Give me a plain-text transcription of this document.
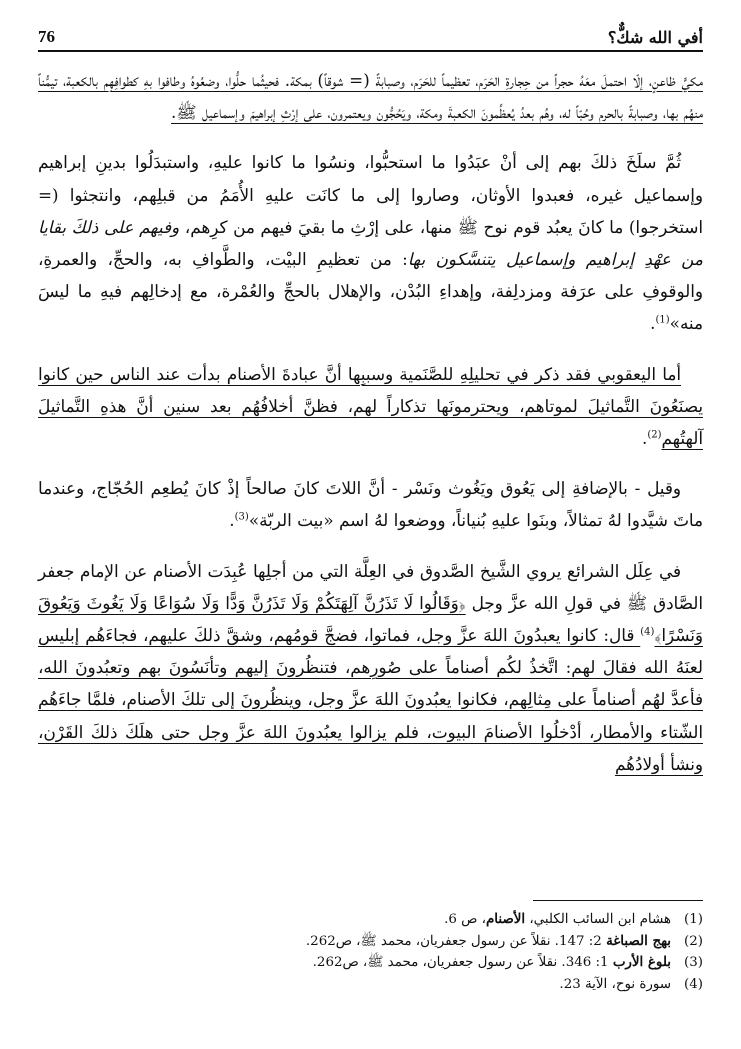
76	أفي الله شكٌّ؟

مكيٍّ ظاعنٍ، إلّا احتملَ معَهُ حجراً من حِجارةِ الحَرَم، تعظيماً للحَرَم، وصبابةً (= شوقاً) بمكة. فحيثُما حلُّوا، وضعُوهُ وطافوا بهِ كطوافِهِم بالكعبة، تيمُّناً منهُم بها، وصبابةً بالحرم وحُبّاً له، وهُم بعدُ يُعظِّمونَ الكعبةَ ومكة، ويَحُجُّون ويعتمرون، على إرْثِ إبراهيمَ وإسماعيل ﷺ.

ثُمَّ سلَخَ ذلكَ بهم إلى أنْ عبَدُوا ما استحبُّوا، ونسُوا ما كانوا عليهِ، واستبدَلُوا بدينِ إبراهيم وإسماعيل غيره، فعبدوا الأوثان، وصاروا إلى ما كانَت عليهِ الأُمَمُ من قبلِهم، وانتجثوا (= استخرجوا) ما كانَ يعبُد قوم نوح ﷺ منها، على إرْثِ ما بقيَ فيهم من كرِهم، وفيهم على ذلكَ بقايا من عهْدِ إبراهيم وإسماعيل يتنسَّكون بها: من تعظيمِ البيْت، والطَّوافِ به، والحجِّ، والعمرةِ، والوقوفِ على عرَفة ومزدلِفة، وإهداءِ البُدْن، والإهلال بالحجِّ والعُمْرة، مع إدخالِهم فيهِ ما ليسَ منه»$^{(1)}$.

أما اليعقوبي فقد ذكر في تحليلِهِ للصَّنَمية وسببِها أنَّ عبادةَ الأصنام بدأت عند الناس حين كانوا يصنَعُونَ التَّماثيلَ لموتاهم، ويحترمونَها تذكاراً لهم، فظنَّ أخلافُهُم بعد سنين أنَّ هذهِ التَّماثيلَ آلهتُهم$^{(2)}$.

وقيل - بالإضافةِ إلى يَعُوق ويَغُوث ونَسْر - أنَّ اللاتَ كانَ صالحاً إذْ كانَ يُطعِم الحُجّاج، وعندما ماتَ شيَّدوا لهُ تمثالاً، وبنَوا عليهِ بُنياناً، ووضعوا لهُ اسم «بيت الربّة»$^{(3)}$.

في عِلَل الشرائع يروي الشَّيخ الصَّدوق في العِلَّة التي من أجلِها عُبِدَت الأصنام عن الإمام جعفر الصَّادق ﷺ في قولِ الله عزَّ وجل ﴿وَقَالُوا لَا تَذَرُنَّ آلِهَتَكُمْ وَلَا تَذَرُنَّ وَدًّا وَلَا سُوَاعًا وَلَا يَغُوثَ وَيَعُوقَ وَنَسْرًا﴾$^{(4)}$ قال: كانوا يعبدُونَ اللهَ عزَّ وجل، فماتوا، فضجَّ قومُهم، وشقَّ ذلكَ عليهم، فجاءَهُم إبليس لعنَهُ الله فقالَ لهم: اتَّخذُ لكُم أصناماً على صُورِهم، فتنظُرونَ إليهم وتأنَسُونَ بهم وتعبُدونَ الله، فأعدَّ لهُم أصناماً على مِثالِهم، فكانوا يعبُدونَ اللهَ عزَّ وجل، وينظُرونَ إلى تلكَ الأصنام، فلمَّا جاءَهُم الشّتاء والأمطار، أدْخلُوا الأصنامَ البيوت، فلم يزالوا يعبُدونَ اللهَ عزَّ وجل حتى هلَكَ ذلكَ القَرْن، ونشأ أولادُهُم

(1)
هشام ابن السائب الكلبي، الأصنام، ص 6.
(2)
بهج الصباغة 2: 147. نقلاً عن رسول جعفريان، محمد ﷺ، ص262.
(3)
بلوغ الأرب 1: 346. نقلاً عن رسول جعفريان، محمد ﷺ، ص262.
(4)
سورة نوح، الآية 23.
